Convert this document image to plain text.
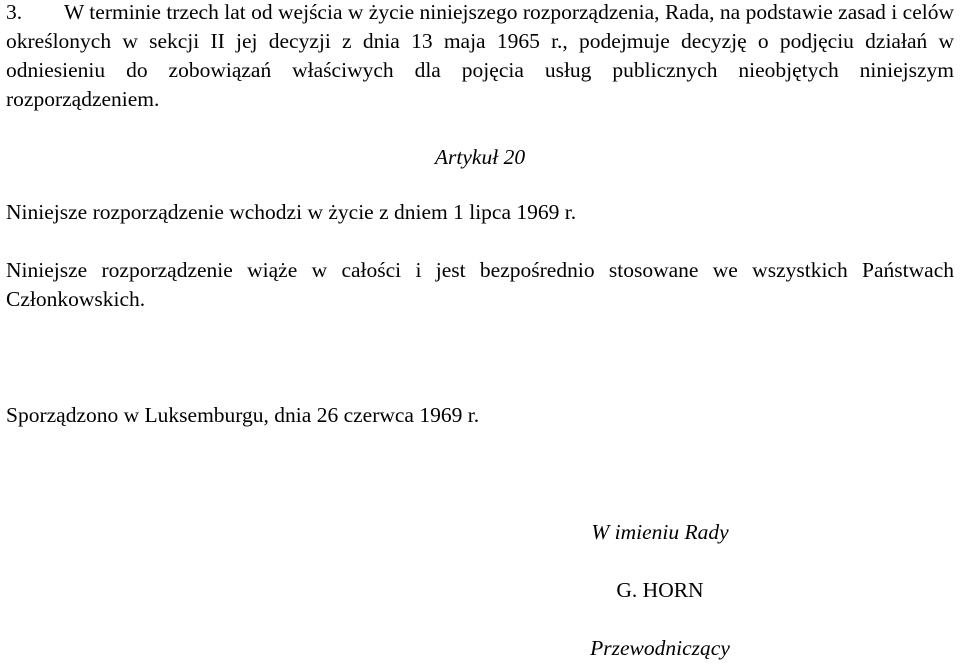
3. W terminie trzech lat od wejścia w życie niniejszego rozporządzenia, Rada, na podstawie zasad i celów określonych w sekcji II jej decyzji z dnia 13 maja 1965 r., podejmuje decyzję o podjęciu działań w odniesieniu do zobowiązań właściwych dla pojęcia usług publicznych nieobjętych niniejszym rozporządzeniem.

Artykuł 20

Niniejsze rozporządzenie wchodzi w życie z dniem 1 lipca 1969 r.

Niniejsze rozporządzenie wiąże w całości i jest bezpośrednio stosowane we wszystkich Państwach Członkowskich.

Sporządzono w Luksemburgu, dnia 26 czerwca 1969 r.

W imieniu Rady

G. HORN

Przewodniczący
